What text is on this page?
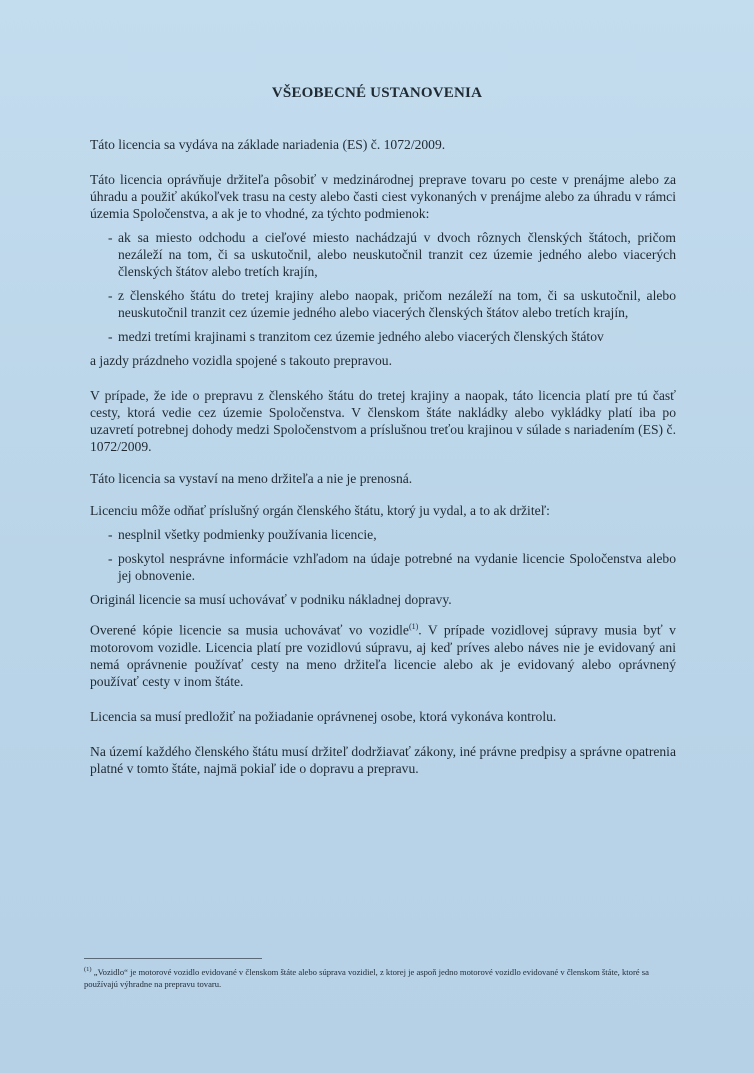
VŠEOBECNÉ USTANOVENIA

Táto licencia sa vydáva na základe nariadenia (ES) č. 1072/2009.

Táto licencia oprávňuje držiteľa pôsobiť v medzinárodnej preprave tovaru po ceste v prenájme alebo za úhradu a použiť akúkoľvek trasu na cesty alebo časti ciest vykonaných v prenájme alebo za úhradu v rámci územia Spoločenstva, a ak je to vhodné, za týchto podmienok:

- ak sa miesto odchodu a cieľové miesto nachádzajú v dvoch rôznych členských štátoch, pričom nezáleží na tom, či sa uskutočnil, alebo neuskutočnil tranzit cez územie jedného alebo viacerých členských štátov alebo tretích krajín,
- z členského štátu do tretej krajiny alebo naopak, pričom nezáleží na tom, či sa uskutočnil, alebo neuskutočnil tranzit cez územie jedného alebo viacerých členských štátov alebo tretích krajín,
- medzi tretími krajinami s tranzitom cez územie jedného alebo viacerých členských štátov

a jazdy prázdneho vozidla spojené s takouto prepravou.

V prípade, že ide o prepravu z členského štátu do tretej krajiny a naopak, táto licencia platí pre tú časť cesty, ktorá vedie cez územie Spoločenstva. V členskom štáte nakládky alebo vykládky platí iba po uzavretí potrebnej dohody medzi Spoločenstvom a príslušnou treťou krajinou v súlade s nariadením (ES) č. 1072/2009.

Táto licencia sa vystaví na meno držiteľa a nie je prenosná.

Licenciu môže odňať príslušný orgán členského štátu, ktorý ju vydal, a to ak držiteľ:

- nesplnil všetky podmienky používania licencie,
- poskytol nesprávne informácie vzhľadom na údaje potrebné na vydanie licencie Spoločenstva alebo jej obnovenie.

Originál licencie sa musí uchovávať v podniku nákladnej dopravy.

Overené kópie licencie sa musia uchovávať vo vozidle$^{(1)}$. V prípade vozidlovej súpravy musia byť v motorovom vozidle. Licencia platí pre vozidlovú súpravu, aj keď príves alebo náves nie je evidovaný ani nemá oprávnenie používať cesty na meno držiteľa licencie alebo ak je evidovaný alebo oprávnený používať cesty v inom štáte.

Licencia sa musí predložiť na požiadanie oprávnenej osobe, ktorá vykonáva kontrolu.

Na území každého členského štátu musí držiteľ dodržiavať zákony, iné právne predpisy a správne opatrenia platné v tomto štáte, najmä pokiaľ ide o dopravu a prepravu.

$^{(1)}$ „Vozidlo“ je motorové vozidlo evidované v členskom štáte alebo súprava vozidiel, z ktorej je aspoň jedno motorové vozidlo evidované v členskom štáte, ktoré sa používajú výhradne na prepravu tovaru.
